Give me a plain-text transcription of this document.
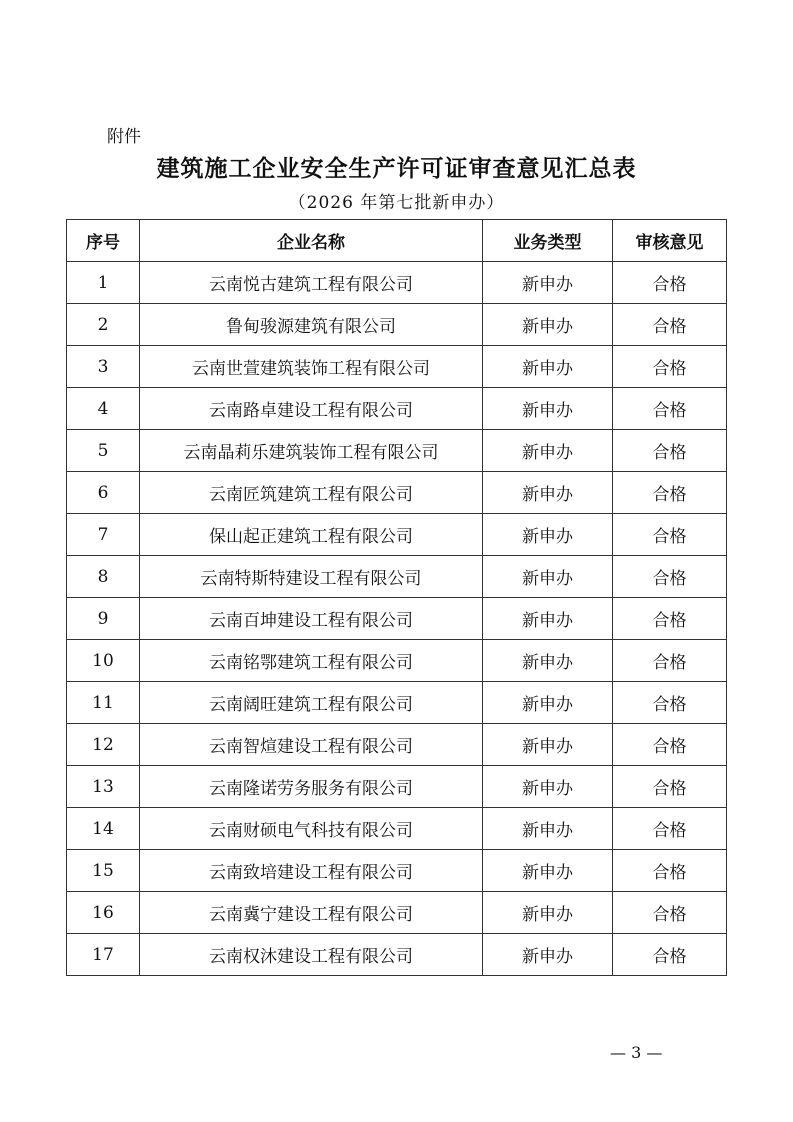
附件
建筑施工企业安全生产许可证审查意见汇总表
（2026 年第七批新申办）
序号	企业名称	业务类型	审核意见
1	云南悦古建筑工程有限公司	新申办	合格
2	鲁甸骏源建筑有限公司	新申办	合格
3	云南世萱建筑装饰工程有限公司	新申办	合格
4	云南路卓建设工程有限公司	新申办	合格
5	云南晶莉乐建筑装饰工程有限公司	新申办	合格
6	云南匠筑建筑工程有限公司	新申办	合格
7	保山起正建筑工程有限公司	新申办	合格
8	云南特斯特建设工程有限公司	新申办	合格
9	云南百坤建设工程有限公司	新申办	合格
10	云南铭鄂建筑工程有限公司	新申办	合格
11	云南阔旺建筑工程有限公司	新申办	合格
12	云南智煊建设工程有限公司	新申办	合格
13	云南隆诺劳务服务有限公司	新申办	合格
14	云南财硕电气科技有限公司	新申办	合格
15	云南致培建设工程有限公司	新申办	合格
16	云南冀宁建设工程有限公司	新申办	合格
17	云南权沐建设工程有限公司	新申办	合格
— 3 —
